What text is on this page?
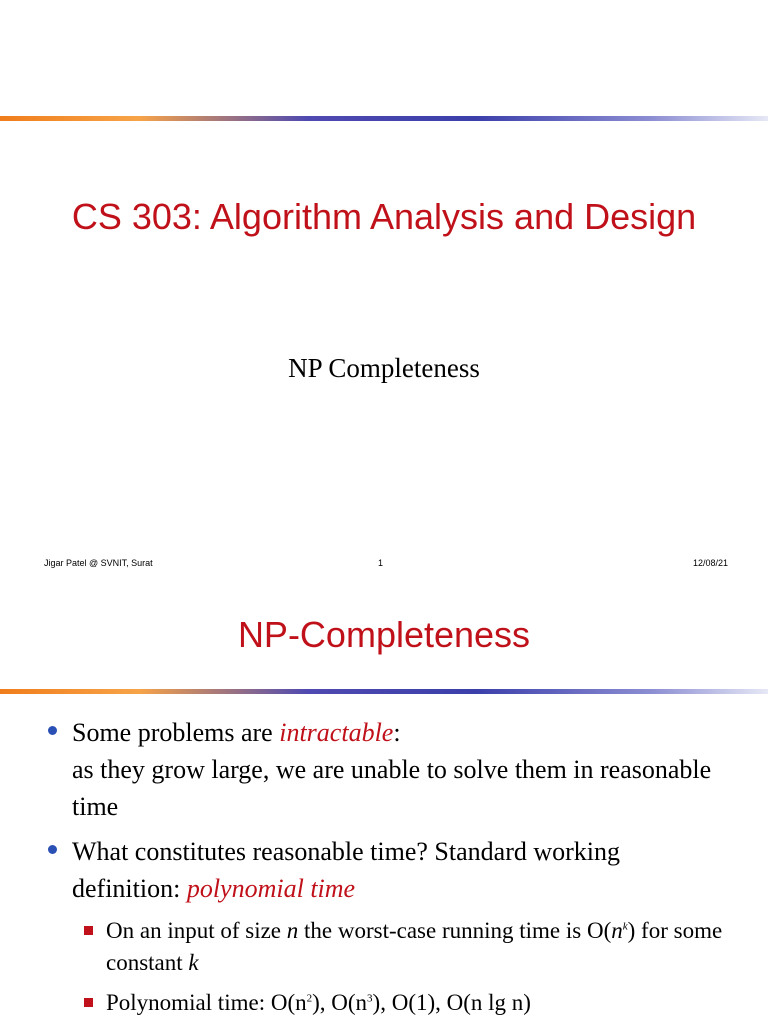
CS 303: Algorithm Analysis and Design
NP Completeness
Jigar Patel @ SVNIT, Surat	1	12/08/21
NP-Completeness
Some problems are intractable:
as they grow large, we are unable to solve them in reasonable time
What constitutes reasonable time? Standard working definition: polynomial time
On an input of size n the worst-case running time is $O(n^k)$ for some constant k
Polynomial time: $O(n^2)$, $O(n^3)$, O(1), O(n lg n)
